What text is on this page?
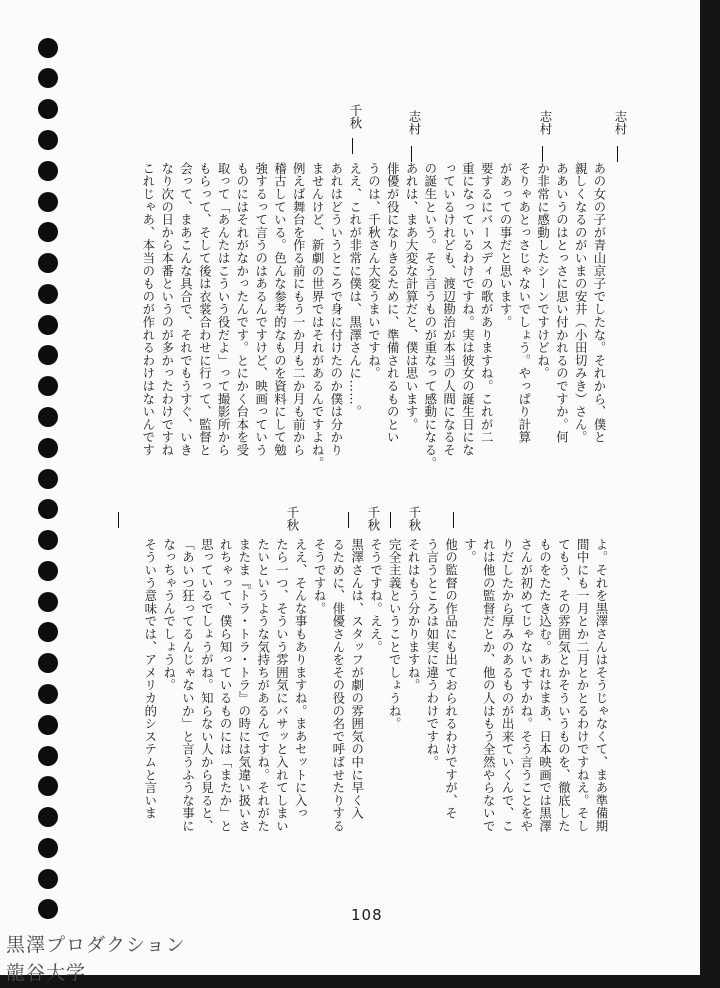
志村
志村
志村
千秋
あの女の子が青山京子でしたな。それから、僕と
親しくなるのがいまの安井（小田切みき）さん。
ああいうのはとっさに思い付かれるのですか。何
か非常に感動したシーンですけどね。
そりゃあとっさじゃないでしょう。やっぱり計算
があっての事だと思います。
要するにバースディの歌がありますね。これが二
重になっているわけですね。実は彼女の誕生日にな
っているけれども、渡辺勘治が本当の人間になるそ
の誕生という。そう言うものが重なって感動になる。
あれは、まあ大変な計算だと、僕は思います。
俳優が役になりきるために、準備されるものとい
うのは、千秋さん大変うまいですね。
ええ、これが非常に僕は、黒澤さんに……。
あれはどういうところで身に付けたのか僕は分かり
ませんけど、新劇の世界ではそれがあるんですよね。
例えば舞台を作る前にもう一か月も二か月も前から
稽古している。色んな参考的なものを資料にして勉
強するって言うのはあるんですけど、映画っていう
ものにはそれがなかったんです。とにかく台本を受
取って「あんたはこういう役だよ」って撮影所から
もらって、そして後は衣裳合わせに行って、監督と
会って、まあこんな具合で、それでもうすぐ、いき
なり次の日から本番というのが多かったわけですね
これじゃあ、本当のものが作れるわけはないんです
千秋
千秋
千秋
よ。それを黒澤さんはそうじゃなくて、まあ準備期
間中にも一月とか二月とかとるわけですねえ。そし
てもう、その雰囲気とかそういうものを、徹底した
ものをたたき込む。あれはまあ、日本映画では黒澤
さんが初めてじゃないですかね。そう言うことをや
りだしたから厚みのあるものが出来ていくんで、こ
れは他の監督だとか、他の人はもう全然やらないで
す。
他の監督の作品にも出ておられるわけですが、そ
う言うところは如実に違うわけですね。
それはもう分かりますね。
完全主義ということでしょうね。
そうですね。ええ。
黒澤さんは、スタッフが劇の雰囲気の中に早く入
るために、俳優さんをその役の名で呼ばせたりする
そうですね。
ええ、そんな事もありますね。まあセットに入っ
たら一つ、そういう雰囲気にバサッと入れてしまい
たいというような気持ちがあるんですね。それがた
またま『トラ・トラ・トラ』の時には気違い扱いさ
れちゃって、僕ら知っているものには「またか」と
思っているでしょうがね。知らない人から見ると、
「あいつ狂ってるんじゃないか」と言うふうな事に
なっちゃうんでしょうね。
そういう意味では、アメリカ的システムと言いま
108
黒澤プロダクション
龍谷大学
